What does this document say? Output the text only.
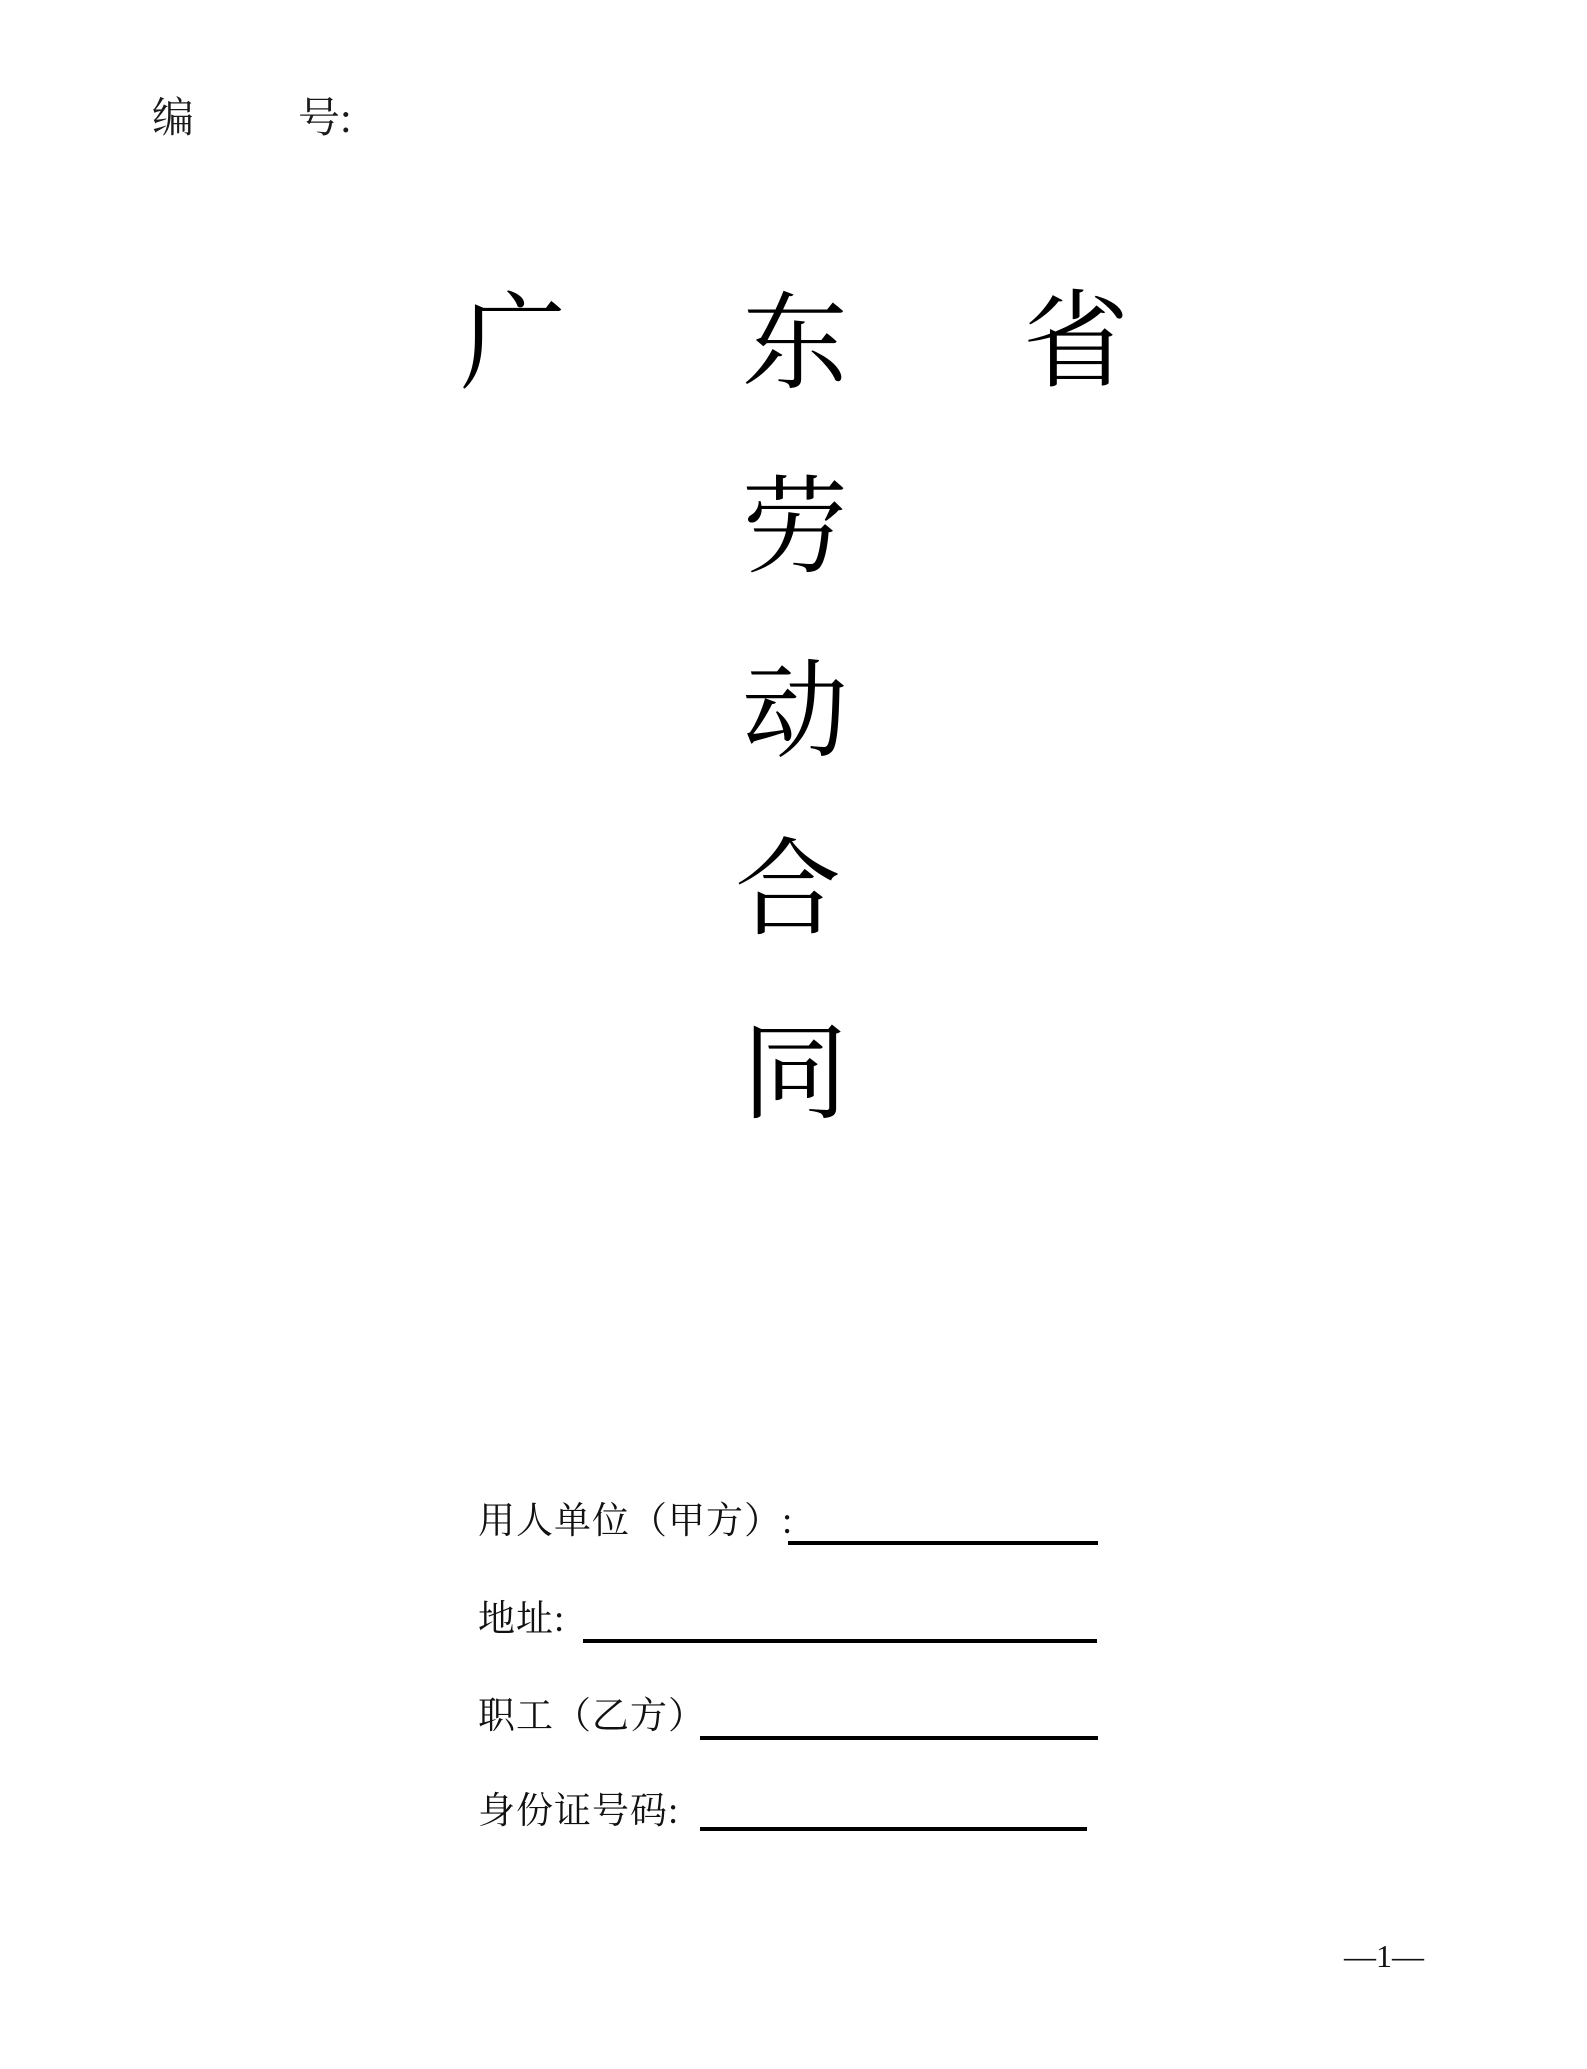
编 号:
广 东 省
劳
动
合
同
用人单位（甲方）:
地址:
职工（乙方）
身份证号码:
—1—
